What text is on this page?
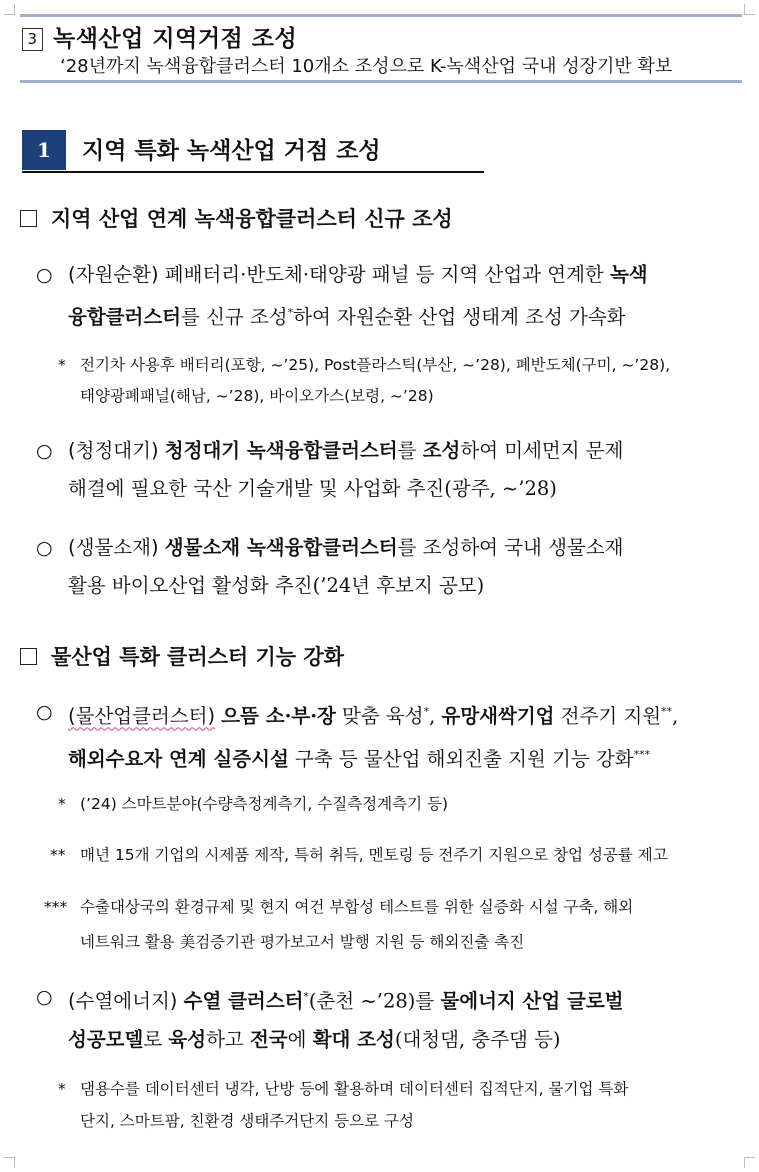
3 녹색산업 지역거점 조성
‘28년까지 녹색융합클러스터 10개소 조성으로 K-녹색산업 국내 성장기반 확보
1	지역 특화 녹색산업 거점 조성
지역 산업 연계 녹색융합클러스터 신규 조성
○ (자원순환) 폐배터리·반도체·태양광 패널 등 지역 산업과 연계한 녹색
융합클러스터를 신규 조성*하여 자원순환 산업 생태계 조성 가속화
* 전기차 사용후 배터리(포항, ~’25), Post플라스틱(부산, ~’28), 폐반도체(구미, ~’28),
태양광폐패널(해남, ~’28), 바이오가스(보령, ~’28)
○ (청정대기) 청정대기 녹색융합클러스터를 조성하여 미세먼지 문제
해결에 필요한 국산 기술개발 및 사업화 추진(광주, ~’28)
○ (생물소재) 생물소재 녹색융합클러스터를 조성하여 국내 생물소재
활용 바이오산업 활성화 추진(’24년 후보지 공모)
물산업 특화 클러스터 기능 강화
○ (물산업클러스터) 으뜸 소·부·장 맞춤 육성*, 유망새싹기업 전주기 지원**,
해외수요자 연계 실증시설 구축 등 물산업 해외진출 지원 기능 강화***
* (’24) 스마트분야(수량측정계측기, 수질측정계측기 등)
** 매년 15개 기업의 시제품 제작, 특허 취득, 멘토링 등 전주기 지원으로 창업 성공률 제고
*** 수출대상국의 환경규제 및 현지 여건 부합성 테스트를 위한 실증화 시설 구축, 해외
네트워크 활용 美검증기관 평가보고서 발행 지원 등 해외진출 촉진
○ (수열에너지) 수열 클러스터*(춘천 ~’28)를 물에너지 산업 글로벌
성공모델로 육성하고 전국에 확대 조성(대청댐, 충주댐 등)
* 댐용수를 데이터센터 냉각, 난방 등에 활용하며 데이터센터 집적단지, 물기업 특화
단지, 스마트팜, 친환경 생태주거단지 등으로 구성
